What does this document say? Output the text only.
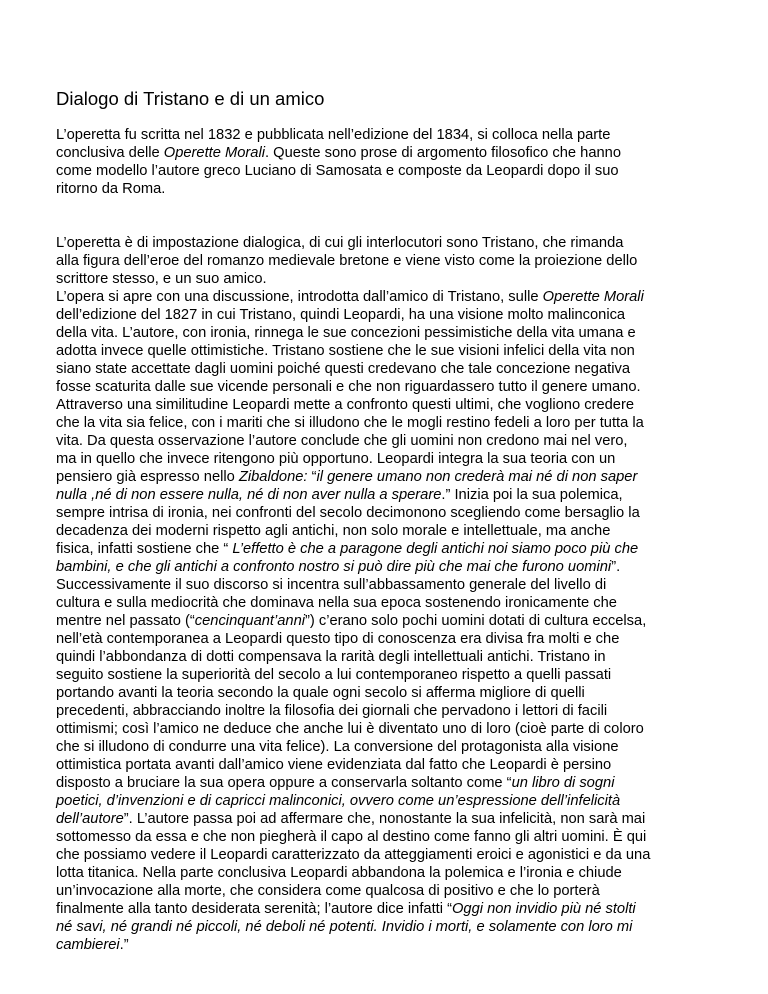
Dialogo di Tristano e di un amico

L’operetta fu scritta nel 1832 e pubblicata nell’edizione del 1834, si colloca nella parte
conclusiva delle Operette Morali. Queste sono prose di argomento filosofico che hanno
come modello l’autore greco Luciano di Samosata e composte da Leopardi dopo il suo
ritorno da Roma.

L’operetta è di impostazione dialogica, di cui gli interlocutori sono Tristano, che rimanda
alla figura dell’eroe del romanzo medievale bretone e viene visto come la proiezione dello
scrittore stesso, e un suo amico.
L’opera si apre con una discussione, introdotta dall’amico di Tristano, sulle Operette Morali
dell’edizione del 1827 in cui Tristano, quindi Leopardi, ha una visione molto malinconica
della vita. L’autore, con ironia, rinnega le sue concezioni pessimistiche della vita umana e
adotta invece quelle ottimistiche. Tristano sostiene che le sue visioni infelici della vita non
siano state accettate dagli uomini poiché questi credevano che tale concezione negativa
fosse scaturita dalle sue vicende personali e che non riguardassero tutto il genere umano.
Attraverso una similitudine Leopardi mette a confronto questi ultimi, che vogliono credere
che la vita sia felice, con i mariti che si illudono che le mogli restino fedeli a loro per tutta la
vita. Da questa osservazione l’autore conclude che gli uomini non credono mai nel vero,
ma in quello che invece ritengono più opportuno. Leopardi integra la sua teoria con un
pensiero già espresso nello Zibaldone: “il genere umano non crederà mai né di non saper
nulla ,né di non essere nulla, né di non aver nulla a sperare.” Inizia poi la sua polemica,
sempre intrisa di ironia, nei confronti del secolo decimonono scegliendo come bersaglio la
decadenza dei moderni rispetto agli antichi, non solo morale e intellettuale, ma anche
fisica, infatti sostiene che “ L’effetto è che a paragone degli antichi noi siamo poco più che
bambini, e che gli antichi a confronto nostro si può dire più che mai che furono uomini”.
Successivamente il suo discorso si incentra sull’abbassamento generale del livello di
cultura e sulla mediocrità che dominava nella sua epoca sostenendo ironicamente che
mentre nel passato (“cencinquant’anni”) c’erano solo pochi uomini dotati di cultura eccelsa,
nell’età contemporanea a Leopardi questo tipo di conoscenza era divisa fra molti e che
quindi l’abbondanza di dotti compensava la rarità degli intellettuali antichi. Tristano in
seguito sostiene la superiorità del secolo a lui contemporaneo rispetto a quelli passati
portando avanti la teoria secondo la quale ogni secolo si afferma migliore di quelli
precedenti, abbracciando inoltre la filosofia dei giornali che pervadono i lettori di facili
ottimismi; così l’amico ne deduce che anche lui è diventato uno di loro (cioè parte di coloro
che si illudono di condurre una vita felice). La conversione del protagonista alla visione
ottimistica portata avanti dall’amico viene evidenziata dal fatto che Leopardi è persino
disposto a bruciare la sua opera oppure a conservarla soltanto come “un libro di sogni
poetici, d’invenzioni e di capricci malinconici, ovvero come un’espressione dell’infelicità
dell’autore”. L’autore passa poi ad affermare che, nonostante la sua infelicità, non sarà mai
sottomesso da essa e che non piegherà il capo al destino come fanno gli altri uomini. È qui
che possiamo vedere il Leopardi caratterizzato da atteggiamenti eroici e agonistici e da una
lotta titanica. Nella parte conclusiva Leopardi abbandona la polemica e l’ironia e chiude
un’invocazione alla morte, che considera come qualcosa di positivo e che lo porterà
finalmente alla tanto desiderata serenità; l’autore dice infatti “Oggi non invidio più né stolti
né savi, né grandi né piccoli, né deboli né potenti. Invidio i morti, e solamente con loro mi
cambierei.”
